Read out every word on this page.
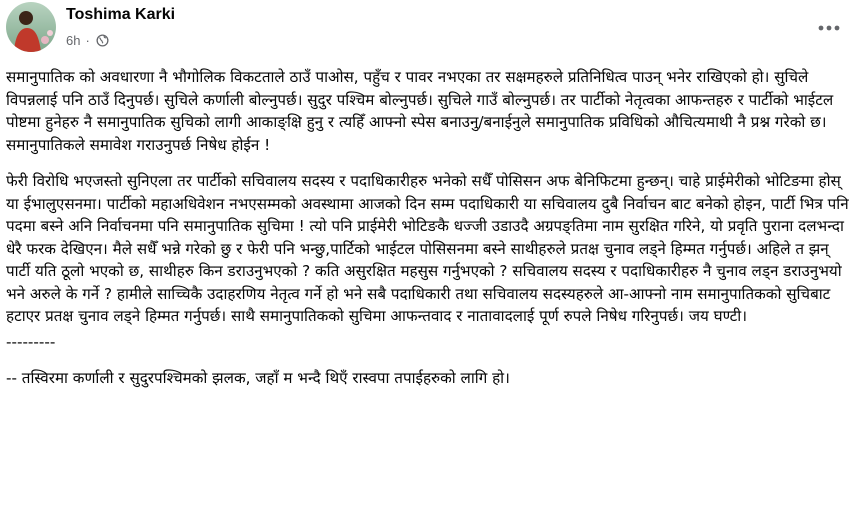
Toshima Karki
6h ·

समानुपातिक को अवधारणा नै भौगोलिक विकटताले ठाउँ पाओस, पहुँच र पावर नभएका तर सक्षमहरुले प्रतिनिधित्व पाउन् भनेर राखिएको हो। सुचिले विपन्नलाई पनि ठाउँ दिनुपर्छ। सुचिले कर्णाली बोल्नुपर्छ। सुदुर पश्चिम बोल्नुपर्छ। सुचिले गाउँ बोल्नुपर्छ। तर पार्टीको नेतृत्वका आफन्तहरु र पार्टीको भाईटल पोष्टमा हुनेहरु नै समानुपातिक सुचिको लागी आकाङ्क्षि हुनु र त्यहिँ आफ्नो स्पेस बनाउनु/बनाईनुले समानुपातिक प्रविधिको औचित्यमाथी नै प्रश्न गरेको छ। समानुपातिकले समावेश गराउनुपर्छ निषेध होईन !

फेरी विरोधि भएजस्तो सुनिएला तर पार्टीको सचिवालय सदस्य र पदाधिकारीहरु भनेको सधैँ पोसिसन अफ बेनिफिटमा हुन्छन्। चाहे प्राईमेरीको भोटिङमा होस् या ईभालुएसनमा। पार्टीको महाअधिवेशन नभएसम्मको अवस्थामा आजको दिन सम्म पदाधिकारी या सचिवालय दुबै निर्वाचन बाट बनेको होइन, पार्टी भित्र पनि पदमा बस्ने अनि निर्वाचनमा पनि समानुपातिक सुचिमा ! त्यो पनि प्राईमेरी भोटिङकै धज्जी उडाउदै अग्रपङ्तिमा नाम सुरक्षित गरिने, यो प्रवृति पुराना दलभन्दा धेरै फरक देखिएन। मैले सधैँ भन्ने गरेको छु र फेरी पनि भन्छु,पार्टिको भाईटल पोसिसनमा बस्ने साथीहरुले प्रतक्ष चुनाव लड्ने हिम्मत गर्नुपर्छ। अहिले त झन् पार्टी यति ठूलो भएको छ, साथीहरु किन डराउनुभएको ? कति असुरक्षित महसुस गर्नुभएको ? सचिवालय सदस्य र पदाधिकारीहरु नै चुनाव लड्न डराउनुभयो भने अरुले के गर्ने ? हामीले साच्चिकै उदाहरणिय नेतृत्व गर्ने हो भने सबै पदाधिकारी तथा सचिवालय सदस्यहरुले आ-आफ्नो नाम समानुपातिकको सुचिबाट हटाएर प्रतक्ष चुनाव लड्ने हिम्मत गर्नुपर्छ। साथै समानुपातिकको सुचिमा आफन्तवाद र नातावादलाई पूर्ण रुपले निषेध गरिनुपर्छ। जय घण्टी।

---------

-- तस्विरमा कर्णाली र सुदुरपश्चिमको झलक, जहाँ म भन्दै थिएँ रास्वपा तपाईहरुको लागि हो।
